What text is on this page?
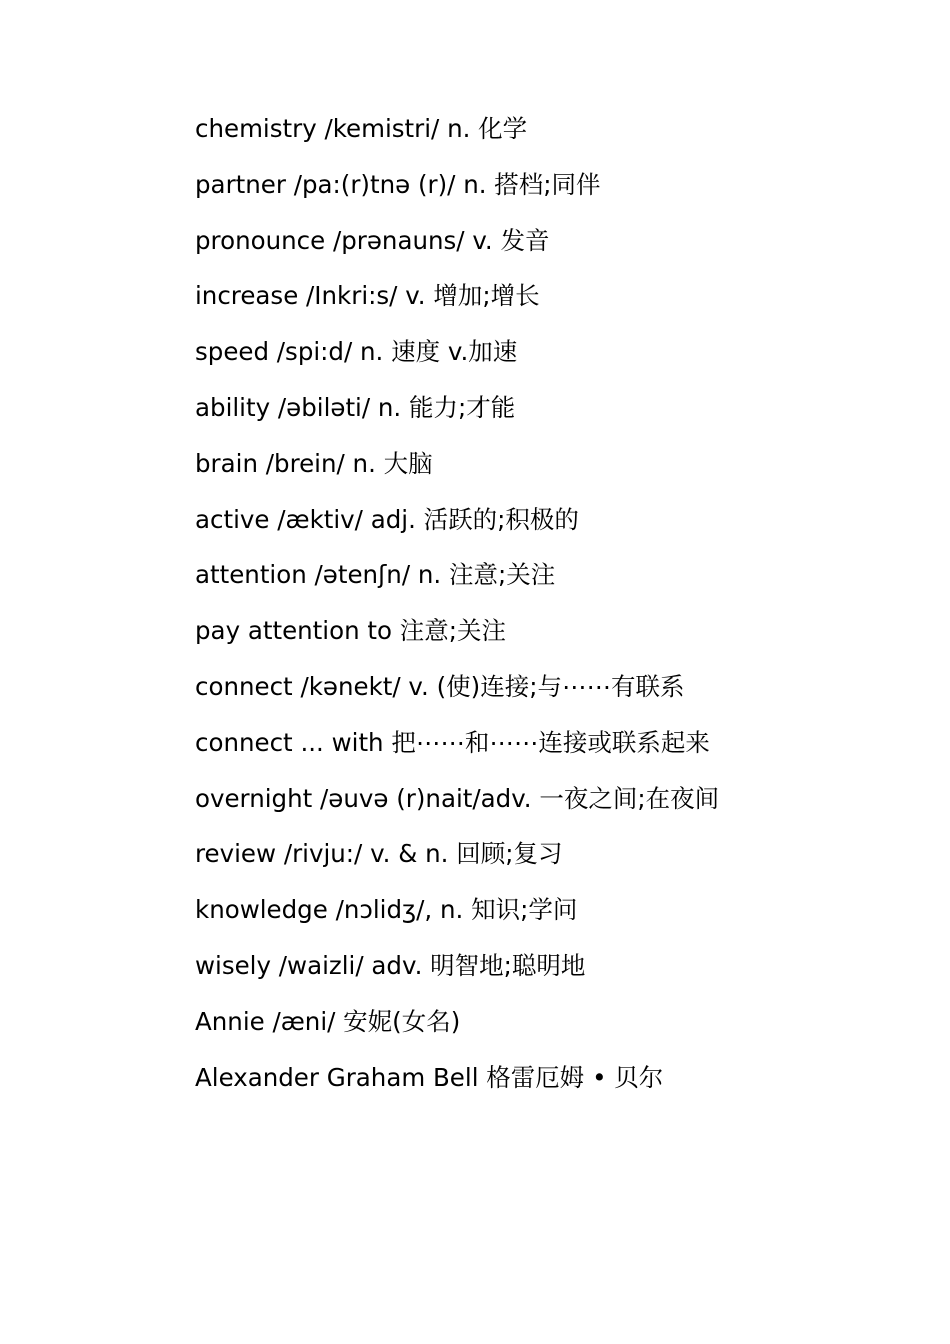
chemistry /kemistri/ n. 化学
partner /pa:(r)tnə (r)/ n. 搭档;同伴
pronounce /prənauns/ v. 发音
increase /Inkri:s/ v. 增加;增长
speed /spi:d/ n. 速度 v.加速
ability /əbiləti/ n. 能力;才能
brain /brein/ n. 大脑
active /æktiv/ adj. 活跃的;积极的
attention /ətenʃn/ n. 注意;关注
pay attention to 注意;关注
connect /kənekt/ v. (使)连接;与⋯⋯有联系
connect ... with 把⋯⋯和⋯⋯连接或联系起来
overnight /əuvə (r)nait/adv. 一夜之间;在夜间
review /rivju:/ v. & n. 回顾;复习
knowledge /nɔlidʒ/, n. 知识;学问
wisely /waizli/ adv. 明智地;聪明地
Annie /æni/ 安妮(女名)
Alexander Graham Bell 格雷厄姆 • 贝尔
